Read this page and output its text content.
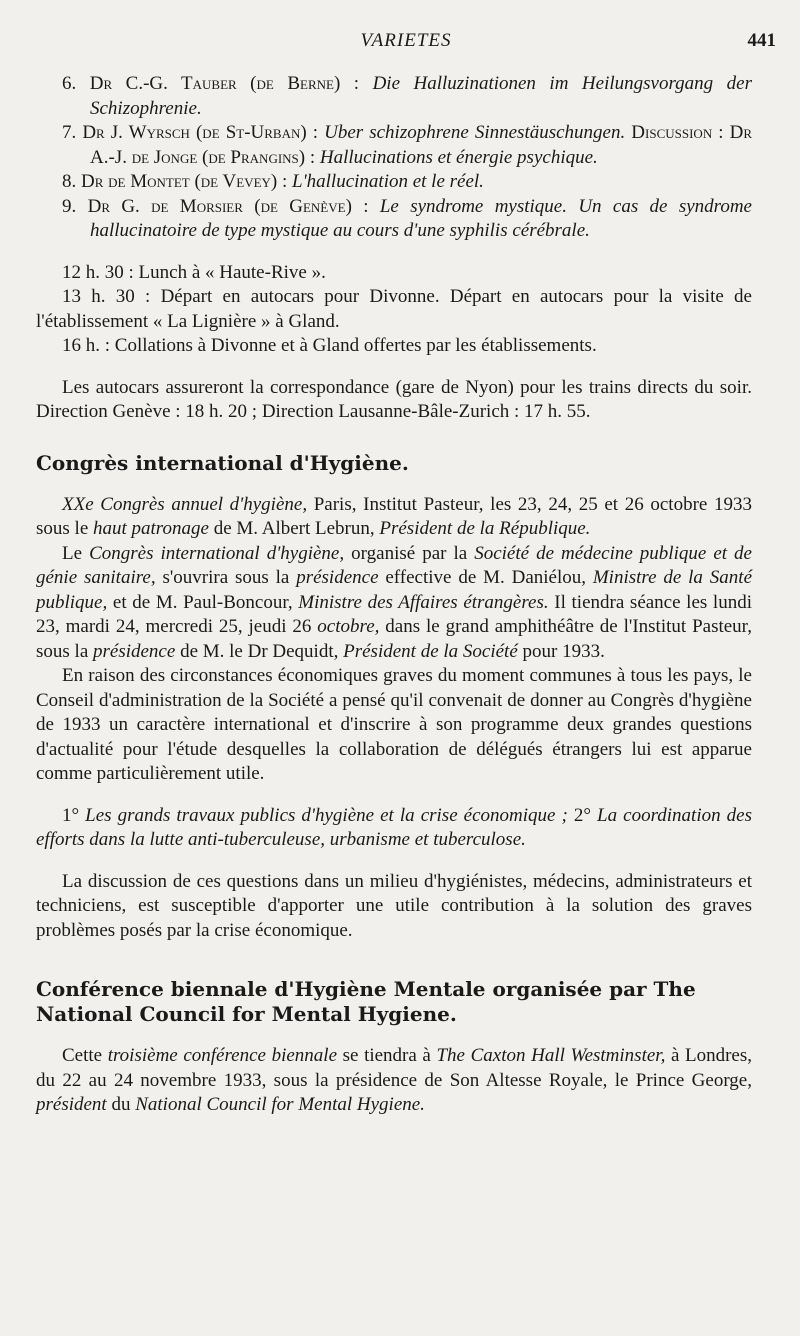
VARIETES	441

6. Dr C.-G. Tauber (de Berne) : Die Halluzinationen im Heilungsvorgang der Schizophrenie.

7. Dr J. Wyrsch (de St-Urban) : Uber schizophrene Sinnestäuschungen. Discussion : Dr A.-J. de Jonge (de Prangins) : Hallucinations et énergie psychique.

8. Dr de Montet (de Vevey) : L'hallucination et le réel.

9. Dr G. de Morsier (de Genève) : Le syndrome mystique. Un cas de syndrome hallucinatoire de type mystique au cours d'une syphilis cérébrale.

12 h. 30 : Lunch à « Haute-Rive ».

13 h. 30 : Départ en autocars pour Divonne. Départ en autocars pour la visite de l'établissement « La Lignière » à Gland.

16 h. : Collations à Divonne et à Gland offertes par les établissements.

Les autocars assureront la correspondance (gare de Nyon) pour les trains directs du soir. Direction Genève : 18 h. 20 ; Direction Lausanne-Bâle-Zurich : 17 h. 55.

Congrès international d'Hygiène.

XXe Congrès annuel d'hygiène, Paris, Institut Pasteur, les 23, 24, 25 et 26 octobre 1933 sous le haut patronage de M. Albert Lebrun, Président de la République.

Le Congrès international d'hygiène, organisé par la Société de médecine publique et de génie sanitaire, s'ouvrira sous la présidence effective de M. Daniélou, Ministre de la Santé publique, et de M. Paul-Boncour, Ministre des Affaires étrangères. Il tiendra séance les lundi 23, mardi 24, mercredi 25, jeudi 26 octobre, dans le grand amphithéâtre de l'Institut Pasteur, sous la présidence de M. le Dr Dequidt, Président de la Société pour 1933.

En raison des circonstances économiques graves du moment communes à tous les pays, le Conseil d'administration de la Société a pensé qu'il convenait de donner au Congrès d'hygiène de 1933 un caractère international et d'inscrire à son programme deux grandes questions d'actualité pour l'étude desquelles la collaboration de délégués étrangers lui est apparue comme particulièrement utile.

1° Les grands travaux publics d'hygiène et la crise économique ; 2° La coordination des efforts dans la lutte anti-tuberculeuse, urbanisme et tuberculose.

La discussion de ces questions dans un milieu d'hygiénistes, médecins, administrateurs et techniciens, est susceptible d'apporter une utile contribution à la solution des graves problèmes posés par la crise économique.

Conférence biennale d'Hygiène Mentale organisée par The National Council for Mental Hygiene.

Cette troisième conférence biennale se tiendra à The Caxton Hall Westminster, à Londres, du 22 au 24 novembre 1933, sous la présidence de Son Altesse Royale, le Prince George, président du National Council for Mental Hygiene.
